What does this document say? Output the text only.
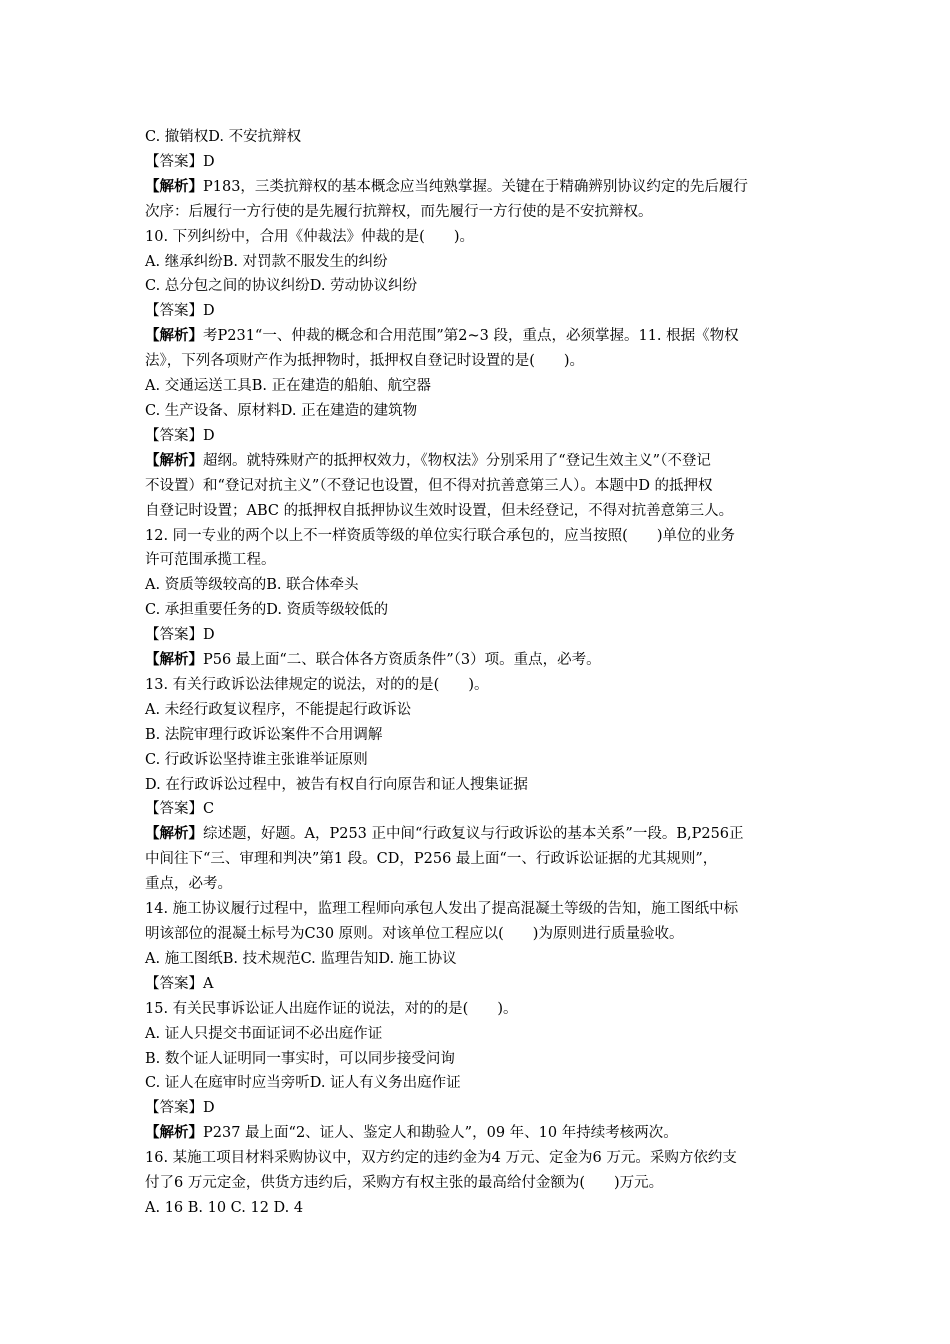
C. 撤销权D. 不安抗辩权
【答案】D
【解析】P183，三类抗辩权的基本概念应当纯熟掌握。关键在于精确辨别协议约定的先后履行
次序：后履行一方行使的是先履行抗辩权，而先履行一方行使的是不安抗辩权。
10. 下列纠纷中，合用《仲裁法》仲裁的是(　　)。
A. 继承纠纷B. 对罚款不服发生的纠纷
C. 总分包之间的协议纠纷D. 劳动协议纠纷
【答案】D
【解析】考P231“一、仲裁的概念和合用范围”第2~3 段，重点，必须掌握。11. 根据《物权
法》，下列各项财产作为抵押物时，抵押权自登记时设置的是(　　)。
A. 交通运送工具B. 正在建造的船舶、航空器
C. 生产设备、原材料D. 正在建造的建筑物
【答案】D
【解析】超纲。就特殊财产的抵押权效力，《物权法》分别采用了“登记生效主义”（不登记
不设置）和“登记对抗主义”（不登记也设置，但不得对抗善意第三人）。本题中D 的抵押权
自登记时设置；ABC 的抵押权自抵押协议生效时设置，但未经登记，不得对抗善意第三人。
12. 同一专业的两个以上不一样资质等级的单位实行联合承包的，应当按照(　　)单位的业务
许可范围承揽工程。
A. 资质等级较高的B. 联合体牵头
C. 承担重要任务的D. 资质等级较低的
【答案】D
【解析】P56 最上面“二、联合体各方资质条件”（3）项。重点，必考。
13. 有关行政诉讼法律规定的说法，对的的是(　　)。
A. 未经行政复议程序，不能提起行政诉讼
B. 法院审理行政诉讼案件不合用调解
C. 行政诉讼坚持谁主张谁举证原则
D. 在行政诉讼过程中，被告有权自行向原告和证人搜集证据
【答案】C
【解析】综述题，好题。A，P253 正中间“行政复议与行政诉讼的基本关系”一段。B,P256正
中间往下“三、审理和判决”第1 段。CD，P256 最上面“一、行政诉讼证据的尤其规则”，
重点，必考。
14. 施工协议履行过程中，监理工程师向承包人发出了提高混凝土等级的告知，施工图纸中标
明该部位的混凝土标号为C30 原则。对该单位工程应以(　　)为原则进行质量验收。
A. 施工图纸B. 技术规范C. 监理告知D. 施工协议
【答案】A
15. 有关民事诉讼证人出庭作证的说法，对的的是(　　)。
A. 证人只提交书面证词不必出庭作证
B. 数个证人证明同一事实时，可以同步接受问询
C. 证人在庭审时应当旁听D. 证人有义务出庭作证
【答案】D
【解析】P237 最上面“2、证人、鉴定人和勘验人”，09 年、10 年持续考核两次。
16. 某施工项目材料采购协议中，双方约定的违约金为4 万元、定金为6 万元。采购方依约支
付了6 万元定金，供货方违约后，采购方有权主张的最高给付金额为(　　)万元。
A. 16 B. 10 C. 12 D. 4
